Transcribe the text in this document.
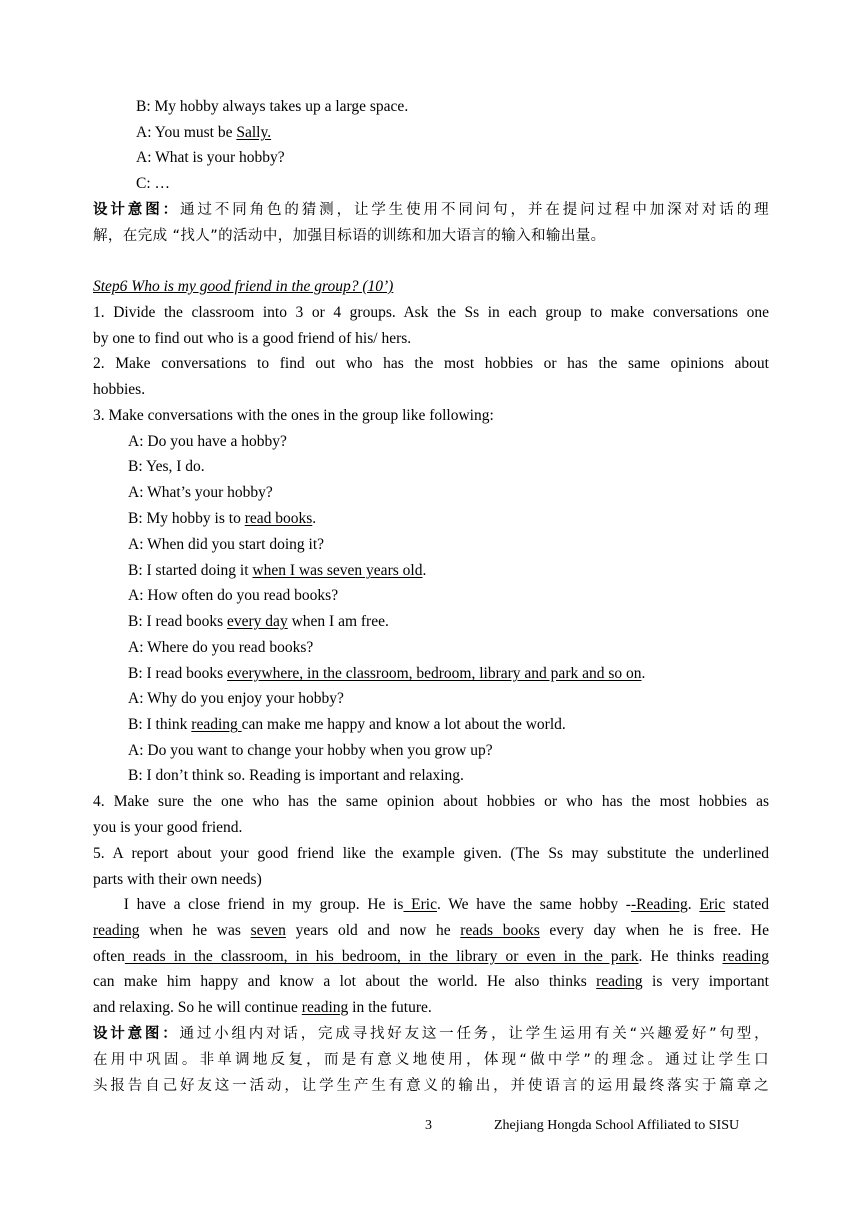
B: My hobby always takes up a large space.
A: You must be Sally.
A: What is your hobby?
C: …
设计意图：通过不同角色的猜测，让学生使用不同问句，并在提问过程中加深对对话的理
解，在完成 “找人”的活动中，加强目标语的训练和加大语言的输入和输出量。
Step6 Who is my good friend in the group? (10’)
1. Divide the classroom into 3 or 4 groups. Ask the Ss in each group to make conversations one
by one to find out who is a good friend of his/ hers.
2. Make conversations to find out who has the most hobbies or has the same opinions about
hobbies.
3. Make conversations with the ones in the group like following:
A: Do you have a hobby?
B: Yes, I do.
A: What’s your hobby?
B: My hobby is to read books.
A: When did you start doing it?
B: I started doing it when I was seven years old.
A: How often do you read books?
B: I read books every day when I am free.
A: Where do you read books?
B: I read books everywhere, in the classroom, bedroom, library and park and so on.
A: Why do you enjoy your hobby?
B: I think reading can make me happy and know a lot about the world.
A: Do you want to change your hobby when you grow up?
B: I don’t think so. Reading is important and relaxing.
4. Make sure the one who has the same opinion about hobbies or who has the most hobbies as
you is your good friend.
5. A report about your good friend like the example given. (The Ss may substitute the underlined
parts with their own needs)
I have a close friend in my group. He is Eric. We have the same hobby --Reading. Eric stated
reading when he was seven years old and now he reads books every day when he is free. He
often reads in the classroom, in his bedroom, in the library or even in the park. He thinks reading
can make him happy and know a lot about the world. He also thinks reading is very important
and relaxing. So he will continue reading in the future.
设计意图：通过小组内对话，完成寻找好友这一任务，让学生运用有关“兴趣爱好”句型，
在用中巩固。非单调地反复，而是有意义地使用，体现“做中学”的理念。通过让学生口
头报告自己好友这一活动，让学生产生有意义的输出，并使语言的运用最终落实于篇章之
3	Zhejiang Hongda School Affiliated to SISU
